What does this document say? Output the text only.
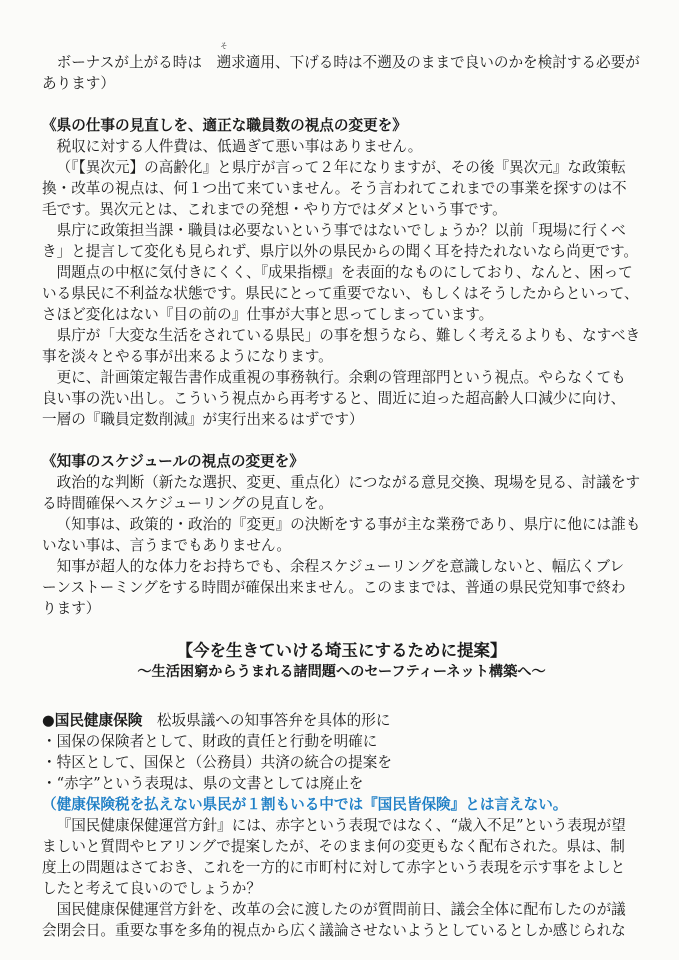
ボーナスが上がる時は 遡
そ
求適用、下げる時は不遡及のままで良いのかを検討する必要が

あります）

《県の仕事の見直しを、適正な職員数の視点の変更を》

税収に対する人件費は、低過ぎて悪い事はありません。

（『【異次元】の高齢化』と県庁が言って２年になりますが、その後『異次元』な政策転

換・改革の視点は、何１つ出て来ていません。そう言われてこれまでの事業を探すのは不

毛です。異次元とは、これまでの発想・やり方ではダメという事です。

県庁に政策担当課・職員は必要ないという事ではないでしょうか？以前「現場に行くべ

き」と提言して変化も見られず、県庁以外の県民からの聞く耳を持たれないなら尚更です。

問題点の中枢に気付きにくく、『成果指標』を表面的なものにしており、なんと、困って

いる県民に不利益な状態です。県民にとって重要でない、もしくはそうしたからといって、

さほど変化はない『目の前の』仕事が大事と思ってしまっています。

県庁が「大変な生活をされている県民」の事を想うなら、難しく考えるよりも、なすべき

事を淡々とやる事が出来るようになります。

更に、計画策定報告書作成重視の事務執行。余剰の管理部門という視点。やらなくても

良い事の洗い出し。こういう視点から再考すると、間近に迫った超高齢人口減少に向け、

一層の『職員定数削減』が実行出来るはずです）

《知事のスケジュールの視点の変更を》

政治的な判断（新たな選択、変更、重点化）につながる意見交換、現場を見る、討議をす

る時間確保へスケジューリングの見直しを。

（知事は、政策的・政治的『変更』の決断をする事が主な業務であり、県庁に他には誰も

いない事は、言うまでもありません。

知事が超人的な体力をお持ちでも、余程スケジューリングを意識しないと、幅広くブレ

ーンストーミングをする時間が確保出来ません。このままでは、普通の県民党知事で終わ

ります）

【今を生きていける埼玉にするために提案】

～生活困窮からうまれる諸問題へのセーフティーネット構築へ～

●国民健康保険　松坂県議への知事答弁を具体的形に

・国保の保険者として、財政的責任と行動を明確に

・特区として、国保と（公務員）共済の統合の提案を

・“赤字”という表現は、県の文書としては廃止を

（健康保険税を払えない県民が１割もいる中では『国民皆保険』とは言えない。

『国民健康保健運営方針』には、赤字という表現ではなく、“歳入不足”という表現が望

ましいと質問やヒアリングで提案したが、そのまま何の変更もなく配布された。県は、制

度上の問題はさておき、これを一方的に市町村に対して赤字という表現を示す事をよしと

したと考えて良いのでしょうか？

国民健康保健運営方針を、改革の会に渡したのが質問前日、議会全体に配布したのが議

会閉会日。重要な事を多角的視点から広く議論させないようとしているとしか感じられな
